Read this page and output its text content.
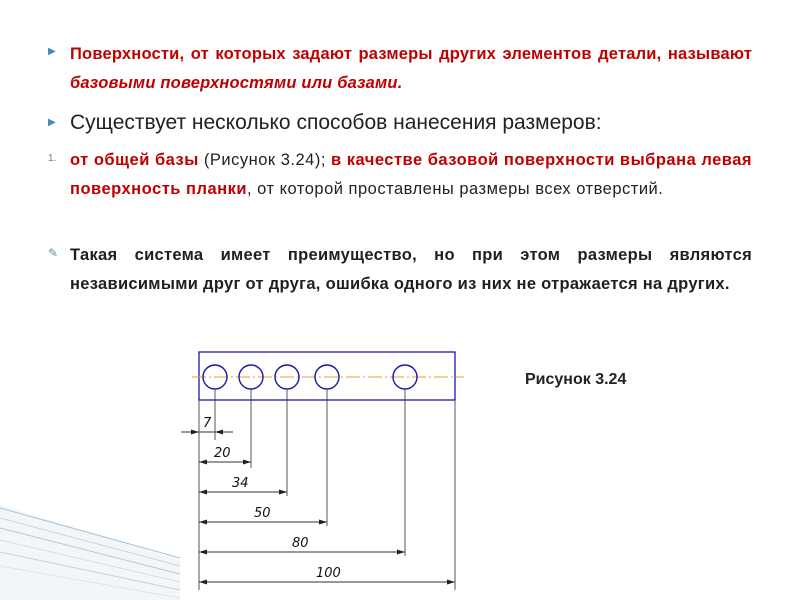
▶ Поверхности, от которых задают размеры других элементов детали, называют базовыми поверхностями или базами.
▶ Существует несколько способов нанесения размеров:
1. от общей базы (Рисунок 3.24); в качестве базовой поверхности выбрана левая поверхность планки, от которой проставлены размеры всех отверстий.
✎ Такая система имеет преимущество, но при этом размеры являются независимыми друг от друга, ошибка одного из них не отражается на других.
Рисунок 3.24
7
20
34
50
80
100
